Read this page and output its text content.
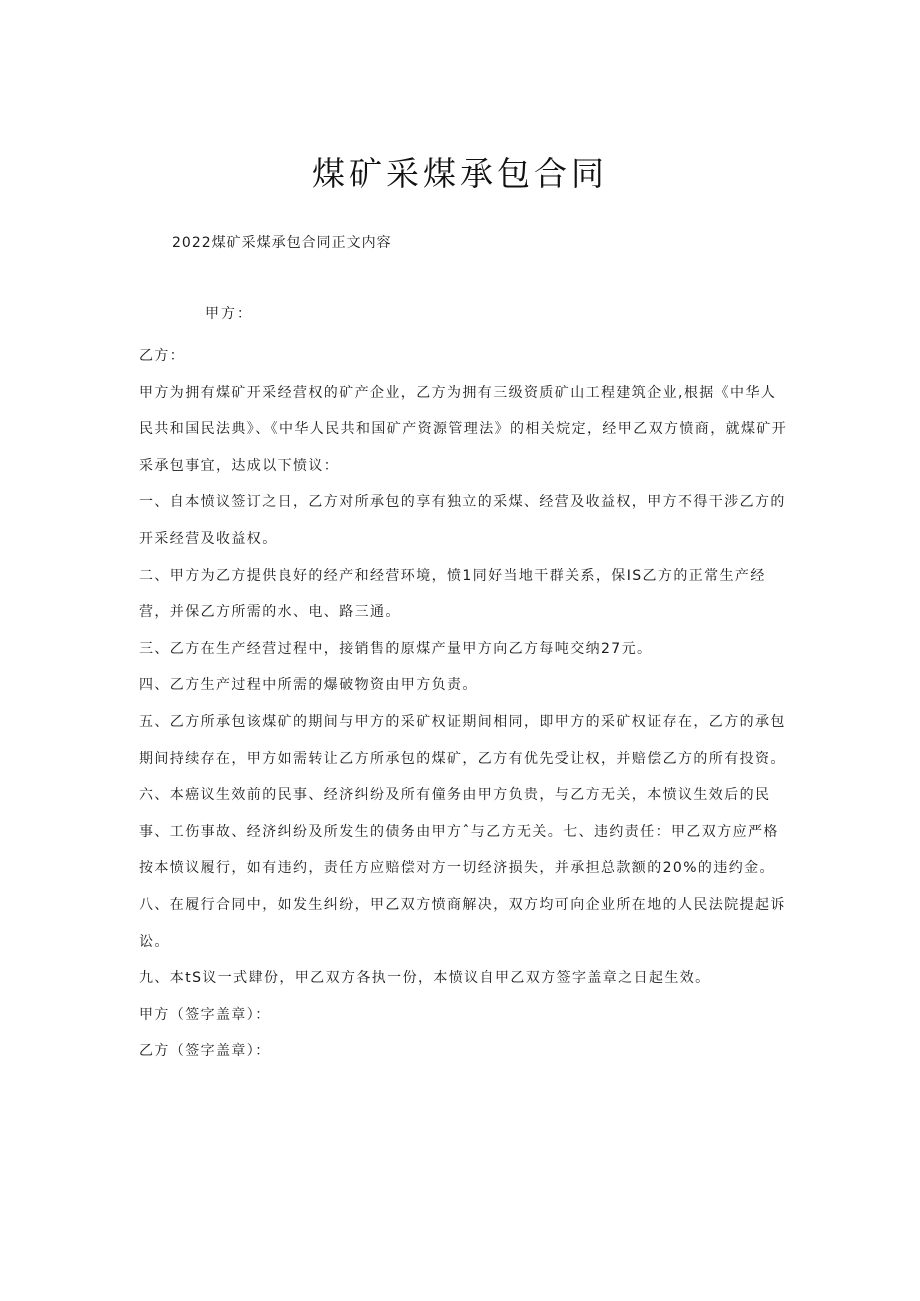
煤矿采煤承包合同
2022煤矿采煤承包合同正文内容
甲方：

乙方：

甲方为拥有煤矿开采经营权的矿产企业，乙方为拥有三级资质矿山工程建筑企业,根据《中华人民共和国民法典》、《中华人民共和国矿产资源管理法》的相关烷定，经甲乙双方愤商，就煤矿开采承包事宜，达成以下愤议：

一、自本愤议签订之日，乙方对所承包的享有独立的采煤、经营及收益权，甲方不得干涉乙方的开采经营及收益权。

二、甲方为乙方提供良好的经产和经营环境，愤1同好当地干群关系，保IS乙方的正常生产经营，并保乙方所需的水、电、路三通。

三、乙方在生产经营过程中，接销售的原煤产量甲方向乙方每吨交纳27元。

四、乙方生产过程中所需的爆破物资由甲方负责。

五、乙方所承包该煤矿的期间与甲方的采矿权证期间相同，即甲方的采矿权证存在，乙方的承包期间持续存在，甲方如需转让乙方所承包的煤矿，乙方有优先受让权，并赔偿乙方的所有投资。

六、本癌议生效前的民事、经济纠纷及所有僮务由甲方负贵，与乙方无关，本愤议生效后的民事、工伤事故、经济纠纷及所发生的债务由甲方ˆ与乙方无关。七、违约责任：甲乙双方应严格按本愤议履行，如有违约，责任方应赔偿对方一切经济损失，并承担总款额的20%的违约金。

八、在履行合同中，如发生纠纷，甲乙双方愤商解决，双方均可向企业所在地的人民法院提起诉讼。

九、本tS议一式肆份，甲乙双方各执一份，本愤议自甲乙双方签字盖章之日起生效。

甲方（签字盖章）：

乙方（签字盖章）：
